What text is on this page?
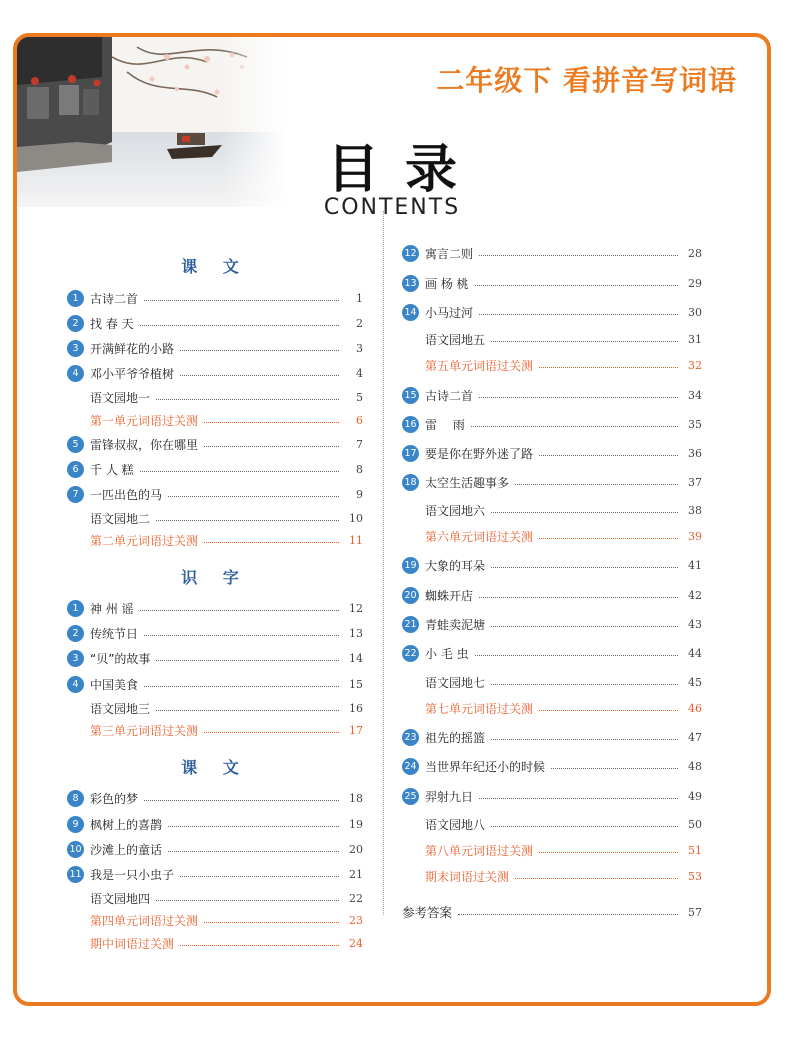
二年级下 看拼音写词语
目录
CONTENTS
课 文
识 字
课 文
1 古诗二首	1
2 找 春 天	2
3 开满鲜花的小路	3
4 邓小平爷爷植树	4
语文园地一	5
第一单元词语过关测	6
5 雷锋叔叔，你在哪里	7
6 千 人 糕	8
7 一匹出色的马	9
语文园地二	10
第二单元词语过关测	11
1 神 州 谣	12
2 传统节日	13
3 “贝”的故事	14
4 中国美食	15
语文园地三	16
第三单元词语过关测	17
8 彩色的梦	18
9 枫树上的喜鹊	19
10 沙滩上的童话	20
11 我是一只小虫子	21
语文园地四	22
第四单元词语过关测	23
期中词语过关测	24
12 寓言二则	28
13 画 杨 桃	29
14 小马过河	30
语文园地五	31
第五单元词语过关测	32
15 古诗二首	34
16 雷 　雨	35
17 要是你在野外迷了路	36
18 太空生活趣事多	37
语文园地六	38
第六单元词语过关测	39
19 大象的耳朵	41
20 蜘蛛开店	42
21 青蛙卖泥塘	43
22 小 毛 虫	44
语文园地七	45
第七单元词语过关测	46
23 祖先的摇篮	47
24 当世界年纪还小的时候	48
25 羿射九日	49
语文园地八	50
第八单元词语过关测	51
期末词语过关测	53
参考答案	57
